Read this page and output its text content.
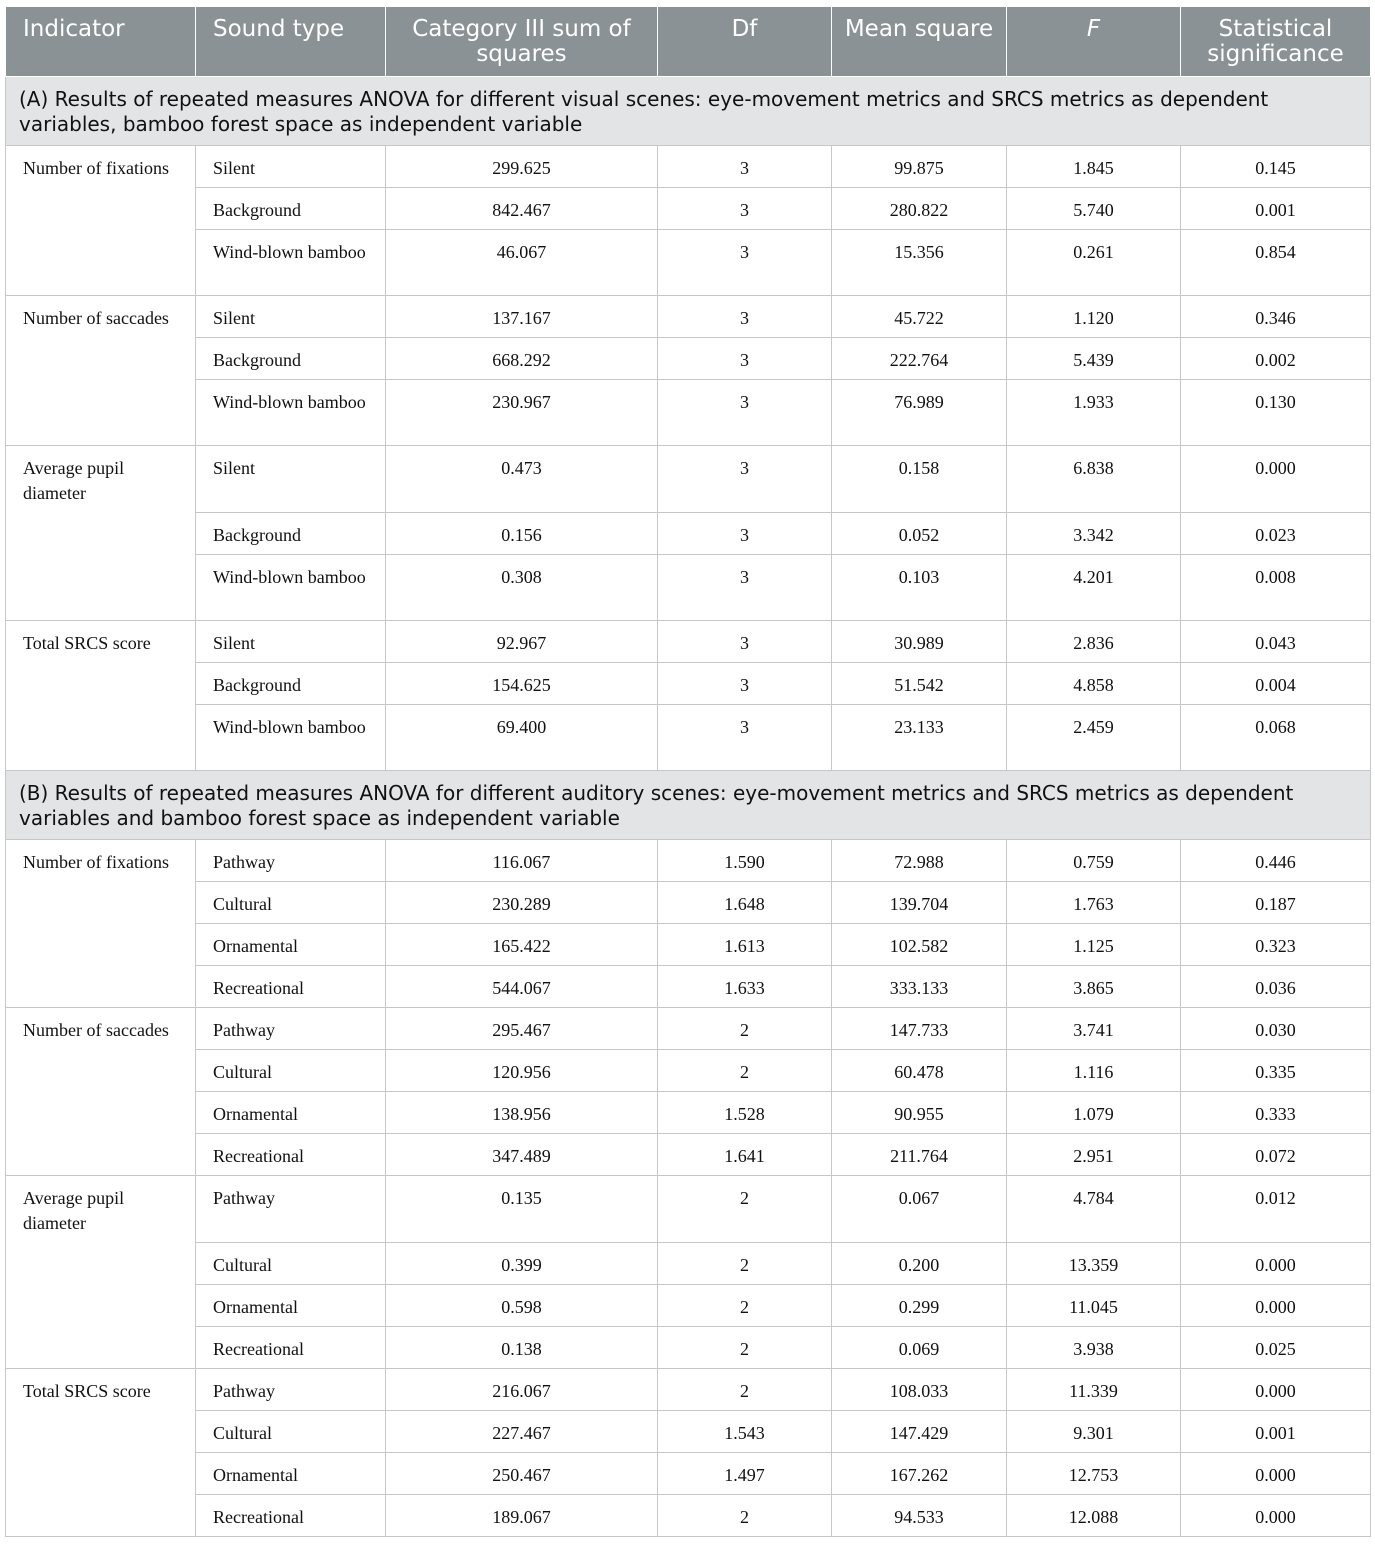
Indicator	Sound type	Category III sum of squares	Df	Mean square	F	Statistical significance
(A) Results of repeated measures ANOVA for different visual scenes: eye-movement metrics and SRCS metrics as dependent variables, bamboo forest space as independent variable						
Number of fixations	Silent	299.625	3	99.875	1.845	0.145
	Background	842.467	3	280.822	5.740	0.001
	Wind-blown bamboo	46.067	3	15.356	0.261	0.854
Number of saccades	Silent	137.167	3	45.722	1.120	0.346
	Background	668.292	3	222.764	5.439	0.002
	Wind-blown bamboo	230.967	3	76.989	1.933	0.130
Average pupil diameter	Silent	0.473	3	0.158	6.838	0.000
	Background	0.156	3	0.052	3.342	0.023
	Wind-blown bamboo	0.308	3	0.103	4.201	0.008
Total SRCS score	Silent	92.967	3	30.989	2.836	0.043
	Background	154.625	3	51.542	4.858	0.004
	Wind-blown bamboo	69.400	3	23.133	2.459	0.068
(B) Results of repeated measures ANOVA for different auditory scenes: eye-movement metrics and SRCS metrics as dependent variables and bamboo forest space as independent variable						
Number of fixations	Pathway	116.067	1.590	72.988	0.759	0.446
	Cultural	230.289	1.648	139.704	1.763	0.187
	Ornamental	165.422	1.613	102.582	1.125	0.323
	Recreational	544.067	1.633	333.133	3.865	0.036
Number of saccades	Pathway	295.467	2	147.733	3.741	0.030
	Cultural	120.956	2	60.478	1.116	0.335
	Ornamental	138.956	1.528	90.955	1.079	0.333
	Recreational	347.489	1.641	211.764	2.951	0.072
Average pupil diameter	Pathway	0.135	2	0.067	4.784	0.012
	Cultural	0.399	2	0.200	13.359	0.000
	Ornamental	0.598	2	0.299	11.045	0.000
	Recreational	0.138	2	0.069	3.938	0.025
Total SRCS score	Pathway	216.067	2	108.033	11.339	0.000
	Cultural	227.467	1.543	147.429	9.301	0.001
	Ornamental	250.467	1.497	167.262	12.753	0.000
	Recreational	189.067	2	94.533	12.088	0.000
